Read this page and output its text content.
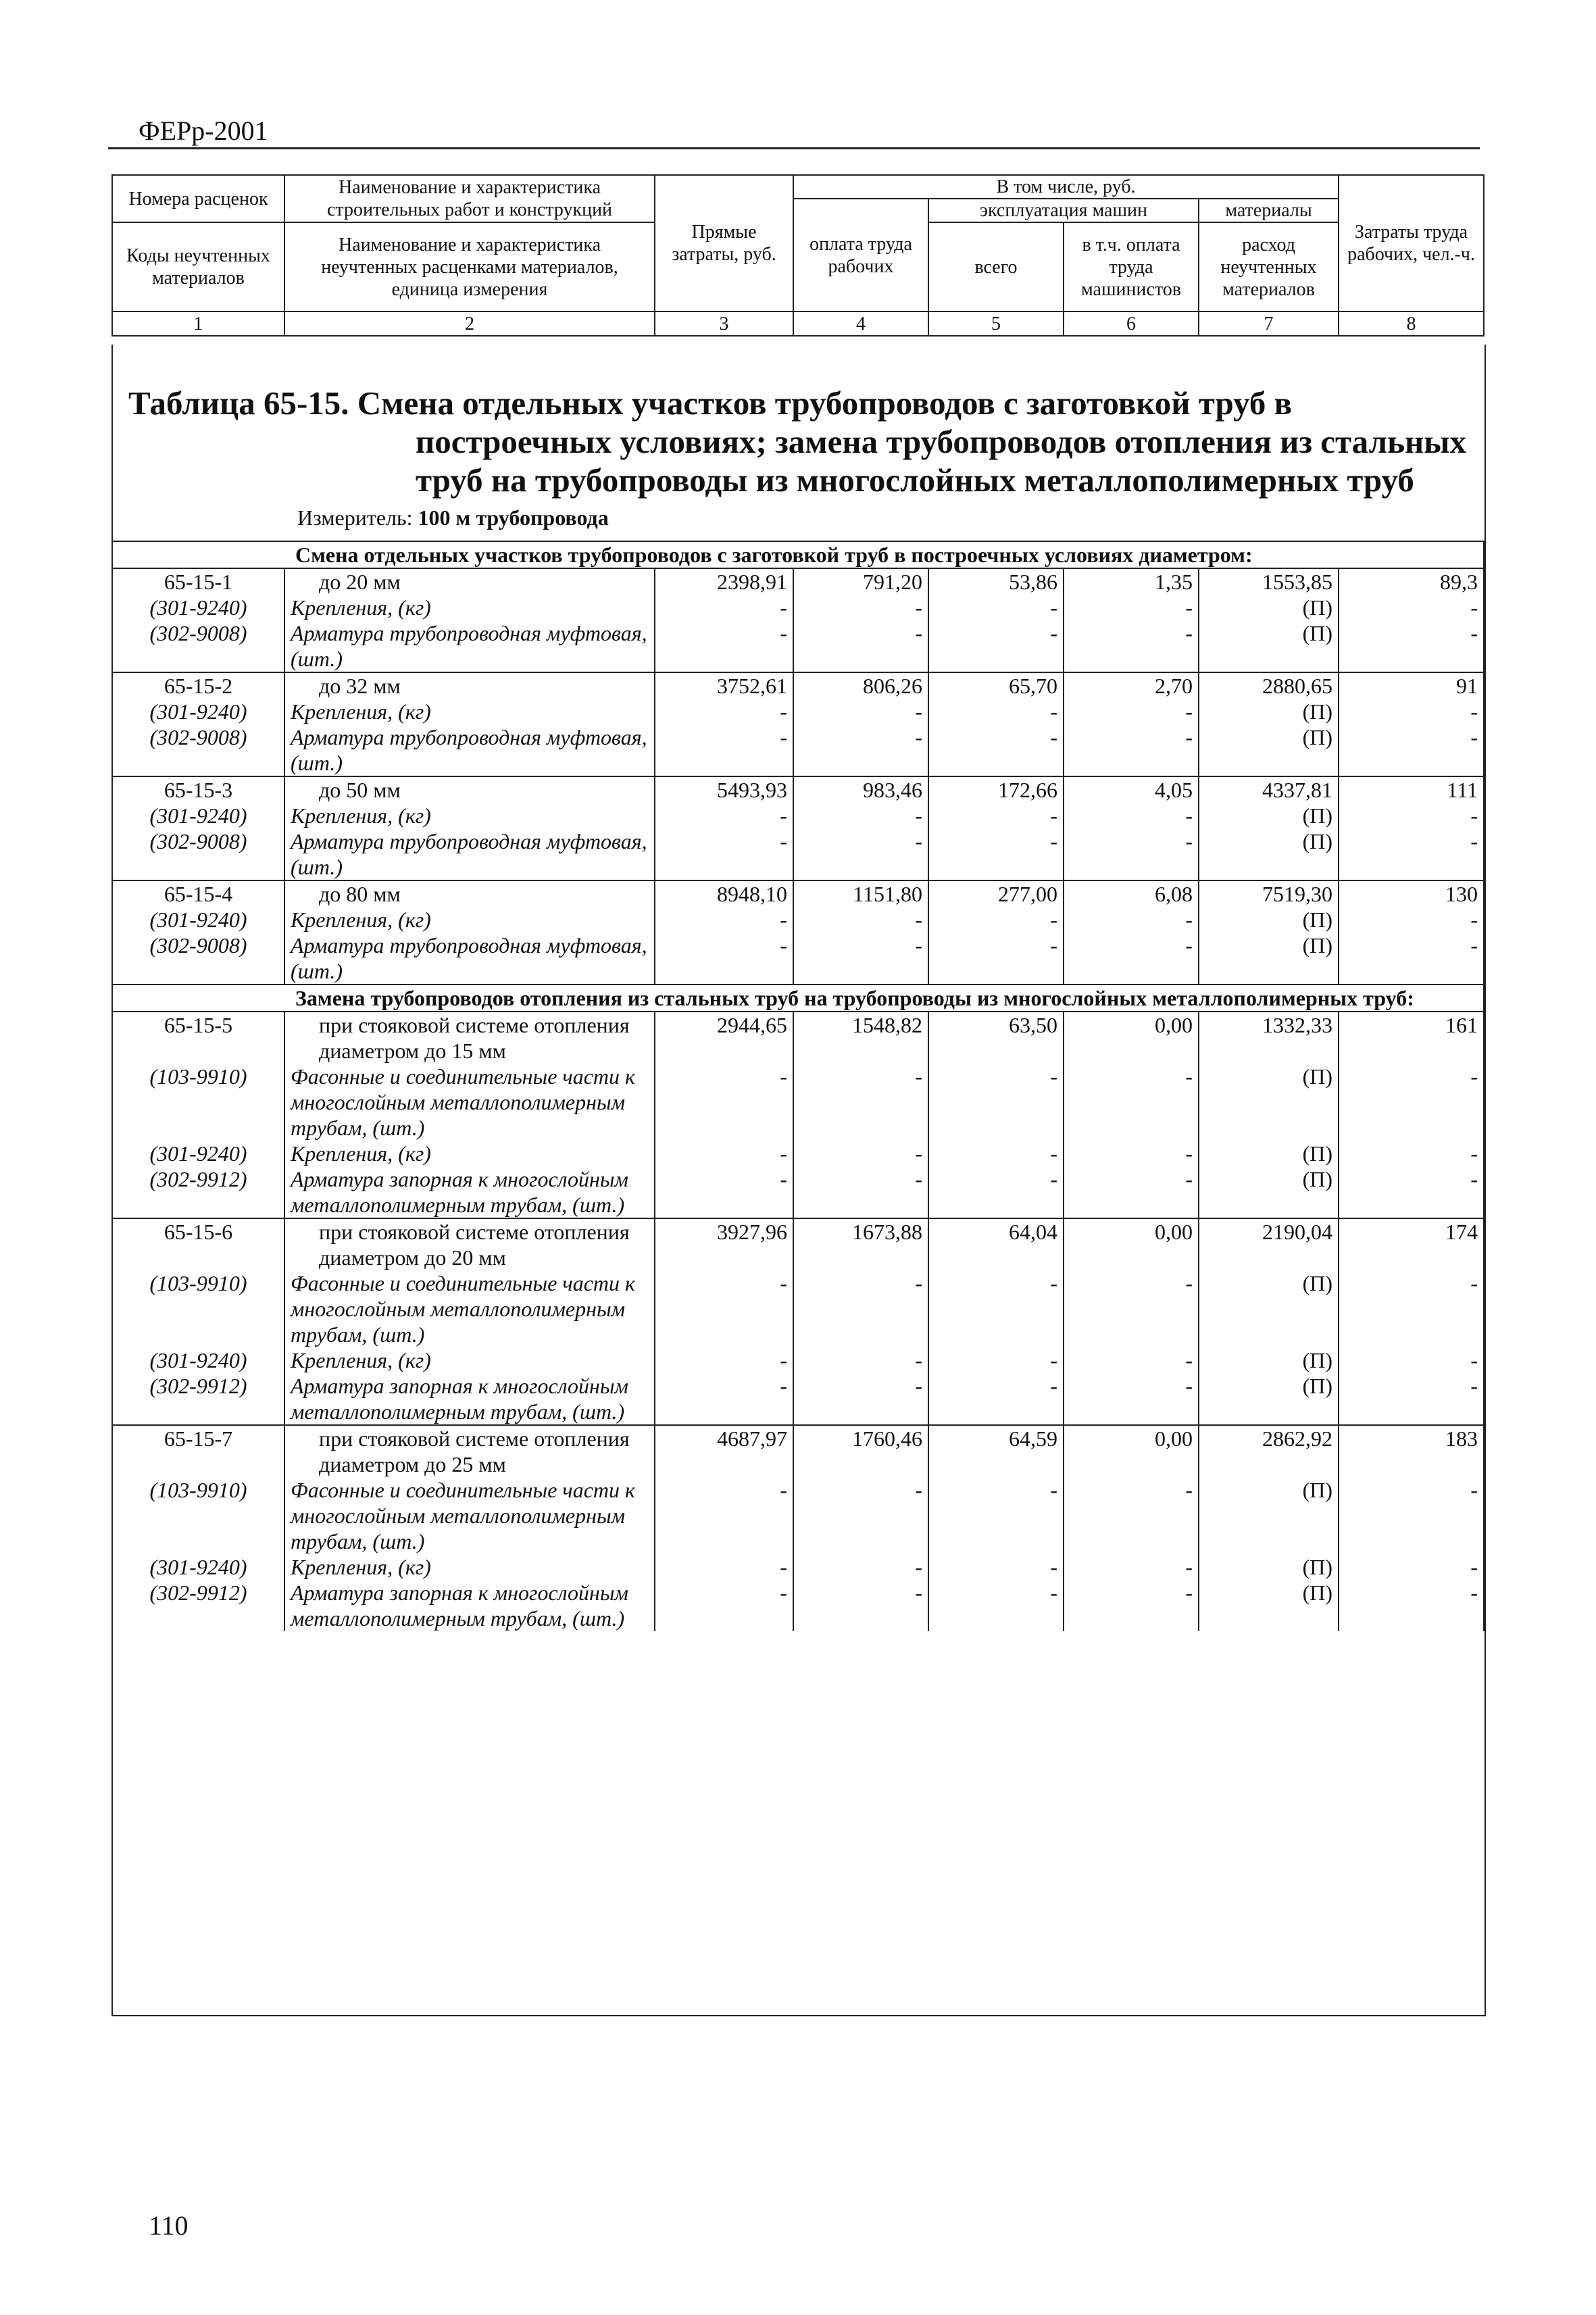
ФЕРр-2001
Номера расценок	Наименование и характеристика строительных работ и конструкций	Прямые затраты, руб.	В том числе, руб.				Затраты труда рабочих, чел.-ч.
			оплата труда рабочих	эксплуатация машин		материалы	
Коды неучтенных материалов	Наименование и характеристика неучтенных расценками материалов, единица измерения			всего	в т.ч. оплата труда машинистов	расход неучтенных материалов	

1	2	3	4	5	6	7	8
Таблица 65-15. Смена отдельных участков трубопроводов с заготовкой труб в
построечных условиях; замена трубопроводов отопления из стальных
труб на трубопроводы из многослойных металлополимерных труб
Измеритель: 100 м трубопровода
Смена отдельных участков трубопроводов с заготовкой труб в построечных условиях диаметром:							
65-15-1	до 20 мм	2398,91	791,20	53,86	1,35	1553,85	89,3
(301-9240)	Крепления, (кг)	-	-	-	-	(П)	-
(302-9008)	Арматура трубопроводная муфтовая, (шт.)	-	-	-	-	(П)	-
65-15-2	до 32 мм	3752,61	806,26	65,70	2,70	2880,65	91
(301-9240)	Крепления, (кг)	-	-	-	-	(П)	-
(302-9008)	Арматура трубопроводная муфтовая, (шт.)	-	-	-	-	(П)	-
65-15-3	до 50 мм	5493,93	983,46	172,66	4,05	4337,81	111
(301-9240)	Крепления, (кг)	-	-	-	-	(П)	-
(302-9008)	Арматура трубопроводная муфтовая, (шт.)	-	-	-	-	(П)	-
65-15-4	до 80 мм	8948,10	1151,80	277,00	6,08	7519,30	130
(301-9240)	Крепления, (кг)	-	-	-	-	(П)	-
(302-9008)	Арматура трубопроводная муфтовая, (шт.)	-	-	-	-	(П)	-
Замена трубопроводов отопления из стальных труб на трубопроводы из многослойных металлополимерных труб:							
65-15-5	при стояковой системе отопления диаметром до 15 мм	2944,65	1548,82	63,50	0,00	1332,33	161
(103-9910)	Фасонные и соединительные части к многослойным металлополимерным трубам, (шт.)	-	-	-	-	(П)	-
(301-9240)	Крепления, (кг)	-	-	-	-	(П)	-
(302-9912)	Арматура запорная к многослойным металлополимерным трубам, (шт.)	-	-	-	-	(П)	-
65-15-6	при стояковой системе отопления диаметром до 20 мм	3927,96	1673,88	64,04	0,00	2190,04	174
(103-9910)	Фасонные и соединительные части к многослойным металлополимерным трубам, (шт.)	-	-	-	-	(П)	-
(301-9240)	Крепления, (кг)	-	-	-	-	(П)	-
(302-9912)	Арматура запорная к многослойным металлополимерным трубам, (шт.)	-	-	-	-	(П)	-
65-15-7	при стояковой системе отопления диаметром до 25 мм	4687,97	1760,46	64,59	0,00	2862,92	183
(103-9910)	Фасонные и соединительные части к многослойным металлополимерным трубам, (шт.)	-	-	-	-	(П)	-
(301-9240)	Крепления, (кг)	-	-	-	-	(П)	-
(302-9912)	Арматура запорная к многослойным металлополимерным трубам, (шт.)	-	-	-	-	(П)	-
110
